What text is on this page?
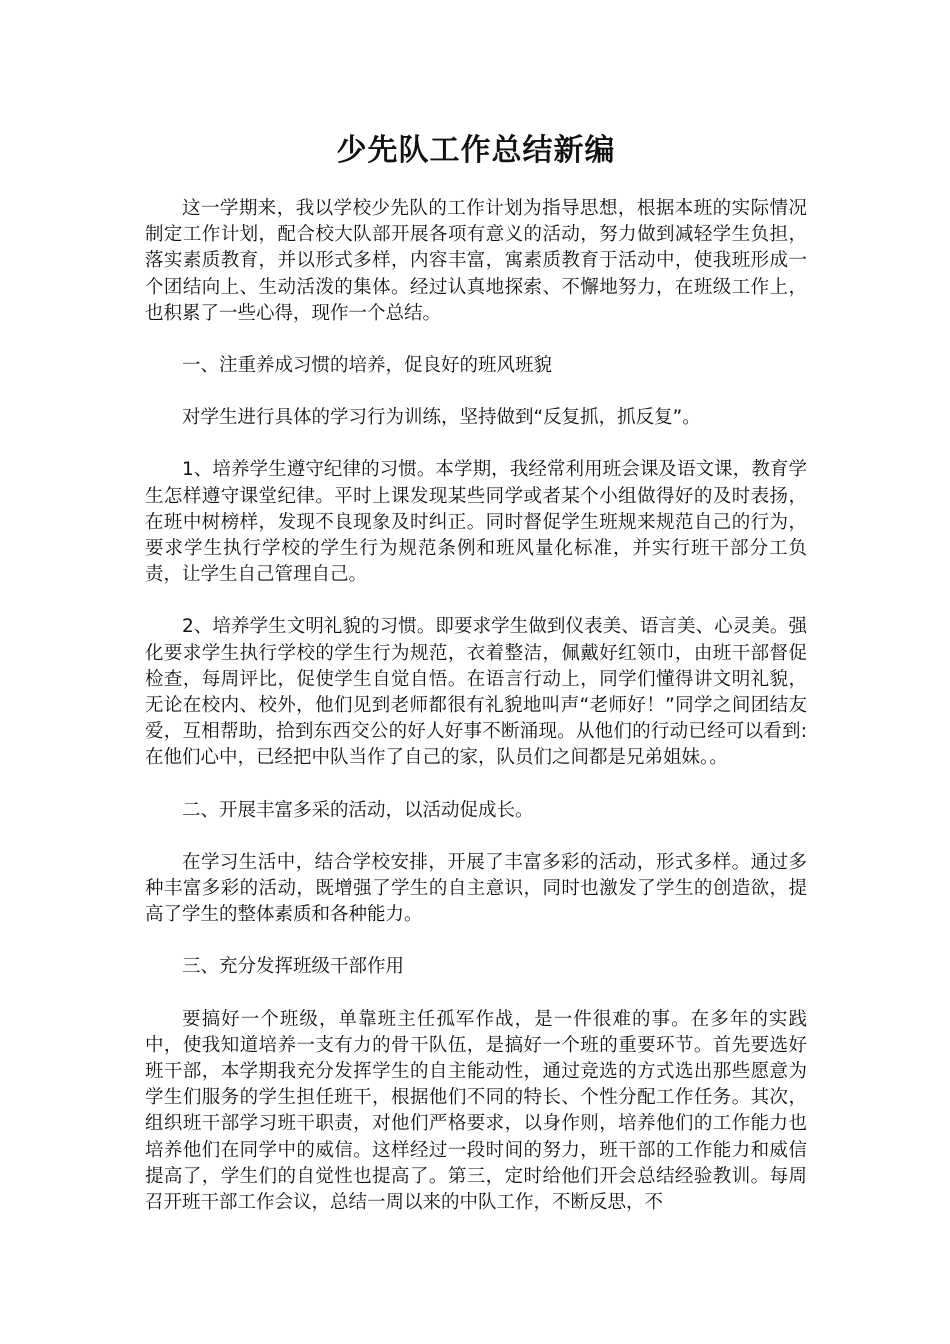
少先队工作总结新编

这一学期来，我以学校少先队的工作计划为指导思想，根据本班的实际情况制定工作计划，配合校大队部开展各项有意义的活动，努力做到减轻学生负担，落实素质教育，并以形式多样，内容丰富，寓素质教育于活动中，使我班形成一个团结向上、生动活泼的集体。经过认真地探索、不懈地努力，在班级工作上，也积累了一些心得，现作一个总结。

一、注重养成习惯的培养，促良好的班风班貌

对学生进行具体的学习行为训练，坚持做到“反复抓，抓反复”。

1、培养学生遵守纪律的习惯。本学期，我经常利用班会课及语文课，教育学生怎样遵守课堂纪律。平时上课发现某些同学或者某个小组做得好的及时表扬，在班中树榜样，发现不良现象及时纠正。同时督促学生班规来规范自己的行为，要求学生执行学校的学生行为规范条例和班风量化标准，并实行班干部分工负责，让学生自己管理自己。

2、培养学生文明礼貌的习惯。即要求学生做到仪表美、语言美、心灵美。强化要求学生执行学校的学生行为规范，衣着整洁，佩戴好红领巾，由班干部督促检查，每周评比，促使学生自觉自悟。在语言行动上，同学们懂得讲文明礼貌，无论在校内、校外，他们见到老师都很有礼貌地叫声“老师好！”同学之间团结友爱，互相帮助，拾到东西交公的好人好事不断涌现。从他们的行动已经可以看到:在他们心中，已经把中队当作了自己的家，队员们之间都是兄弟姐妹。。

二、开展丰富多采的活动，以活动促成长。

在学习生活中，结合学校安排，开展了丰富多彩的活动，形式多样。通过多种丰富多彩的活动，既增强了学生的自主意识，同时也激发了学生的创造欲，提高了学生的整体素质和各种能力。

三、充分发挥班级干部作用

要搞好一个班级，单靠班主任孤军作战，是一件很难的事。在多年的实践中，使我知道培养一支有力的骨干队伍，是搞好一个班的重要环节。首先要选好班干部，本学期我充分发挥学生的自主能动性，通过竞选的方式选出那些愿意为学生们服务的学生担任班干，根据他们不同的特长、个性分配工作任务。其次，组织班干部学习班干职责，对他们严格要求，以身作则，培养他们的工作能力也培养他们在同学中的威信。这样经过一段时间的努力，班干部的工作能力和威信提高了，学生们的自觉性也提高了。第三，定时给他们开会总结经验教训。每周召开班干部工作会议，总结一周以来的中队工作，不断反思，不
